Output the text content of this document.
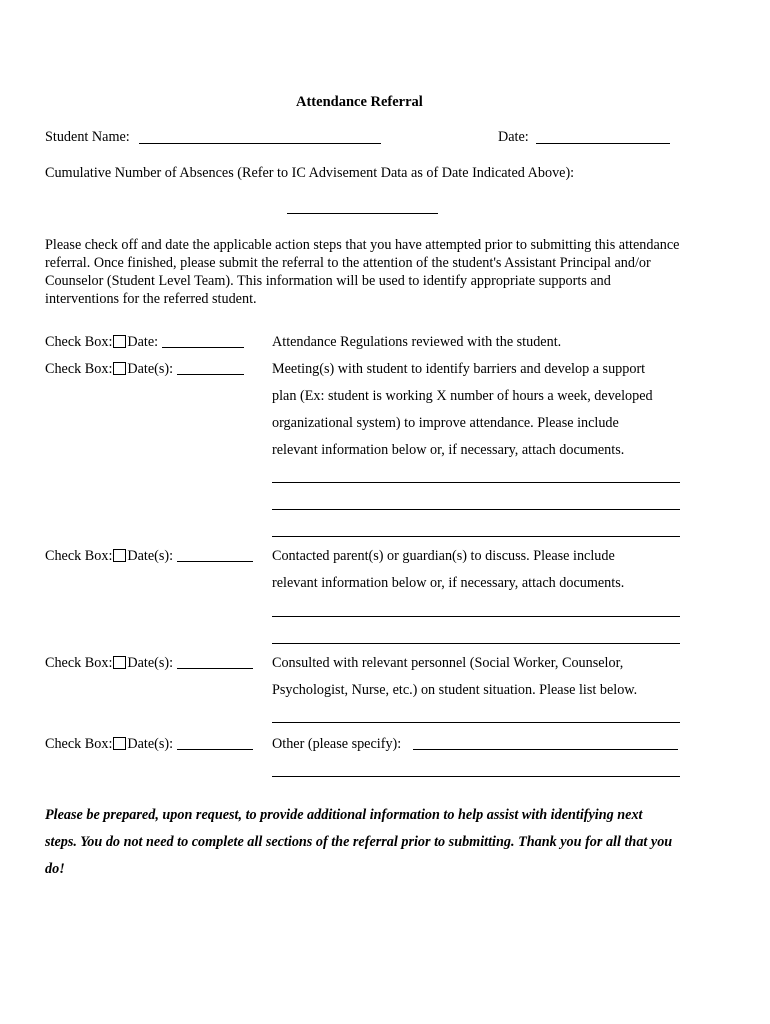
Attendance Referral
Student Name:	Date:
Cumulative Number of Absences (Refer to IC Advisement Data as of Date Indicated Above):
Please check off and date the applicable action steps that you have attempted prior to submitting this attendance referral. Once finished, please submit the referral to the attention of the student's Assistant Principal and/or Counselor (Student Level Team). This information will be used to identify appropriate supports and interventions for the referred student.
Check Box: Date:	Attendance Regulations reviewed with the student.
Check Box: Date(s):	Meeting(s) with student to identify barriers and develop a support
plan (Ex: student is working X number of hours a week, developed
organizational system) to improve attendance. Please include
relevant information below or, if necessary, attach documents.
Check Box: Date(s):	Contacted parent(s) or guardian(s) to discuss. Please include
relevant information below or, if necessary, attach documents.
Check Box: Date(s):	Consulted with relevant personnel (Social Worker, Counselor,
Psychologist, Nurse, etc.) on student situation. Please list below.
Check Box: Date(s):	Other (please specify):
Please be prepared, upon request, to provide additional information to help assist with identifying next steps. You do not need to complete all sections of the referral prior to submitting. Thank you for all that you do!
